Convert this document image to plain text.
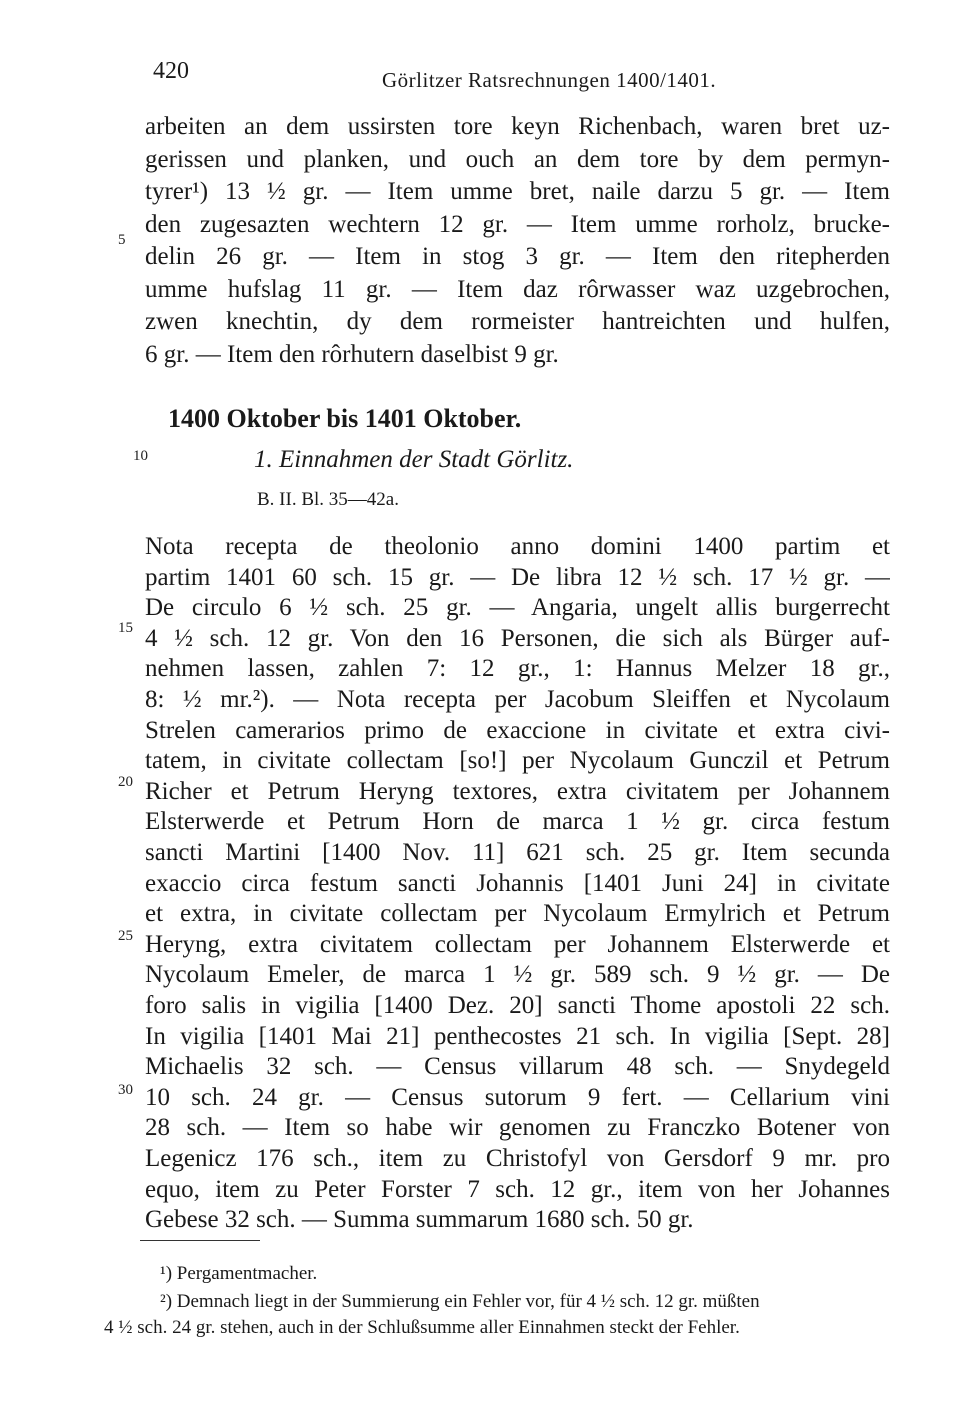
420	Görlitzer Ratsrechnungen 1400/1401.
arbeiten an dem ussirsten tore keyn Richenbach, waren bret uz-
gerissen und planken, und ouch an dem tore by dem permyn-
tyrer¹) 13 ½ gr. — Item umme bret, naile darzu 5 gr. — Item
den zugesazten wechtern 12 gr. — Item umme rorholz, brucke-
delin 26 gr. — Item in stog 3 gr. — Item den ritepherden
umme hufslag 11 gr. — Item daz rôrwasser waz uzgebrochen,
zwen knechtin, dy dem rormeister hantreichten und hulfen,
6 gr. — Item den rôrhutern daselbist 9 gr.
1400 Oktober bis 1401 Oktober.
1. Einnahmen der Stadt Görlitz.
B. II. Bl. 35—42a.
Nota recepta de theolonio anno domini 1400 partim et
partim 1401 60 sch. 15 gr. — De libra 12 ½ sch. 17 ½ gr. —
De circulo 6 ½ sch. 25 gr. — Angaria, ungelt allis burgerrecht
4 ½ sch. 12 gr. Von den 16 Personen, die sich als Bürger auf-
nehmen lassen, zahlen 7: 12 gr., 1: Hannus Melzer 18 gr.,
8: ½ mr.²). — Nota recepta per Jacobum Sleiffen et Nycolaum
Strelen camerarios primo de exaccione in civitate et extra civi-
tatem, in civitate collectam [so!] per Nycolaum Gunczil et Petrum
Richer et Petrum Heryng textores, extra civitatem per Johannem
Elsterwerde et Petrum Horn de marca 1 ½ gr. circa festum
sancti Martini [1400 Nov. 11] 621 sch. 25 gr. Item secunda
exaccio circa festum sancti Johannis [1401 Juni 24] in civitate
et extra, in civitate collectam per Nycolaum Ermylrich et Petrum
Heryng, extra civitatem collectam per Johannem Elsterwerde et
Nycolaum Emeler, de marca 1 ½ gr. 589 sch. 9 ½ gr. — De
foro salis in vigilia [1400 Dez. 20] sancti Thome apostoli 22 sch.
In vigilia [1401 Mai 21] penthecostes 21 sch. In vigilia [Sept. 28]
Michaelis 32 sch. — Census villarum 48 sch. — Snydegeld
10 sch. 24 gr. — Census sutorum 9 fert. — Cellarium vini
28 sch. — Item so habe wir genomen zu Franczko Botener von
Legenicz 176 sch., item zu Christofyl von Gersdorf 9 mr. pro
equo, item zu Peter Forster 7 sch. 12 gr., item von her Johannes
Gebese 32 sch. — Summa summarum 1680 sch. 50 gr.
5
10
15
20
25
30
¹) Pergamentmacher.
²) Demnach liegt in der Summierung ein Fehler vor, für 4 ½ sch. 12 gr. müßten
4 ½ sch. 24 gr. stehen, auch in der Schlußsumme aller Einnahmen steckt der Fehler.
